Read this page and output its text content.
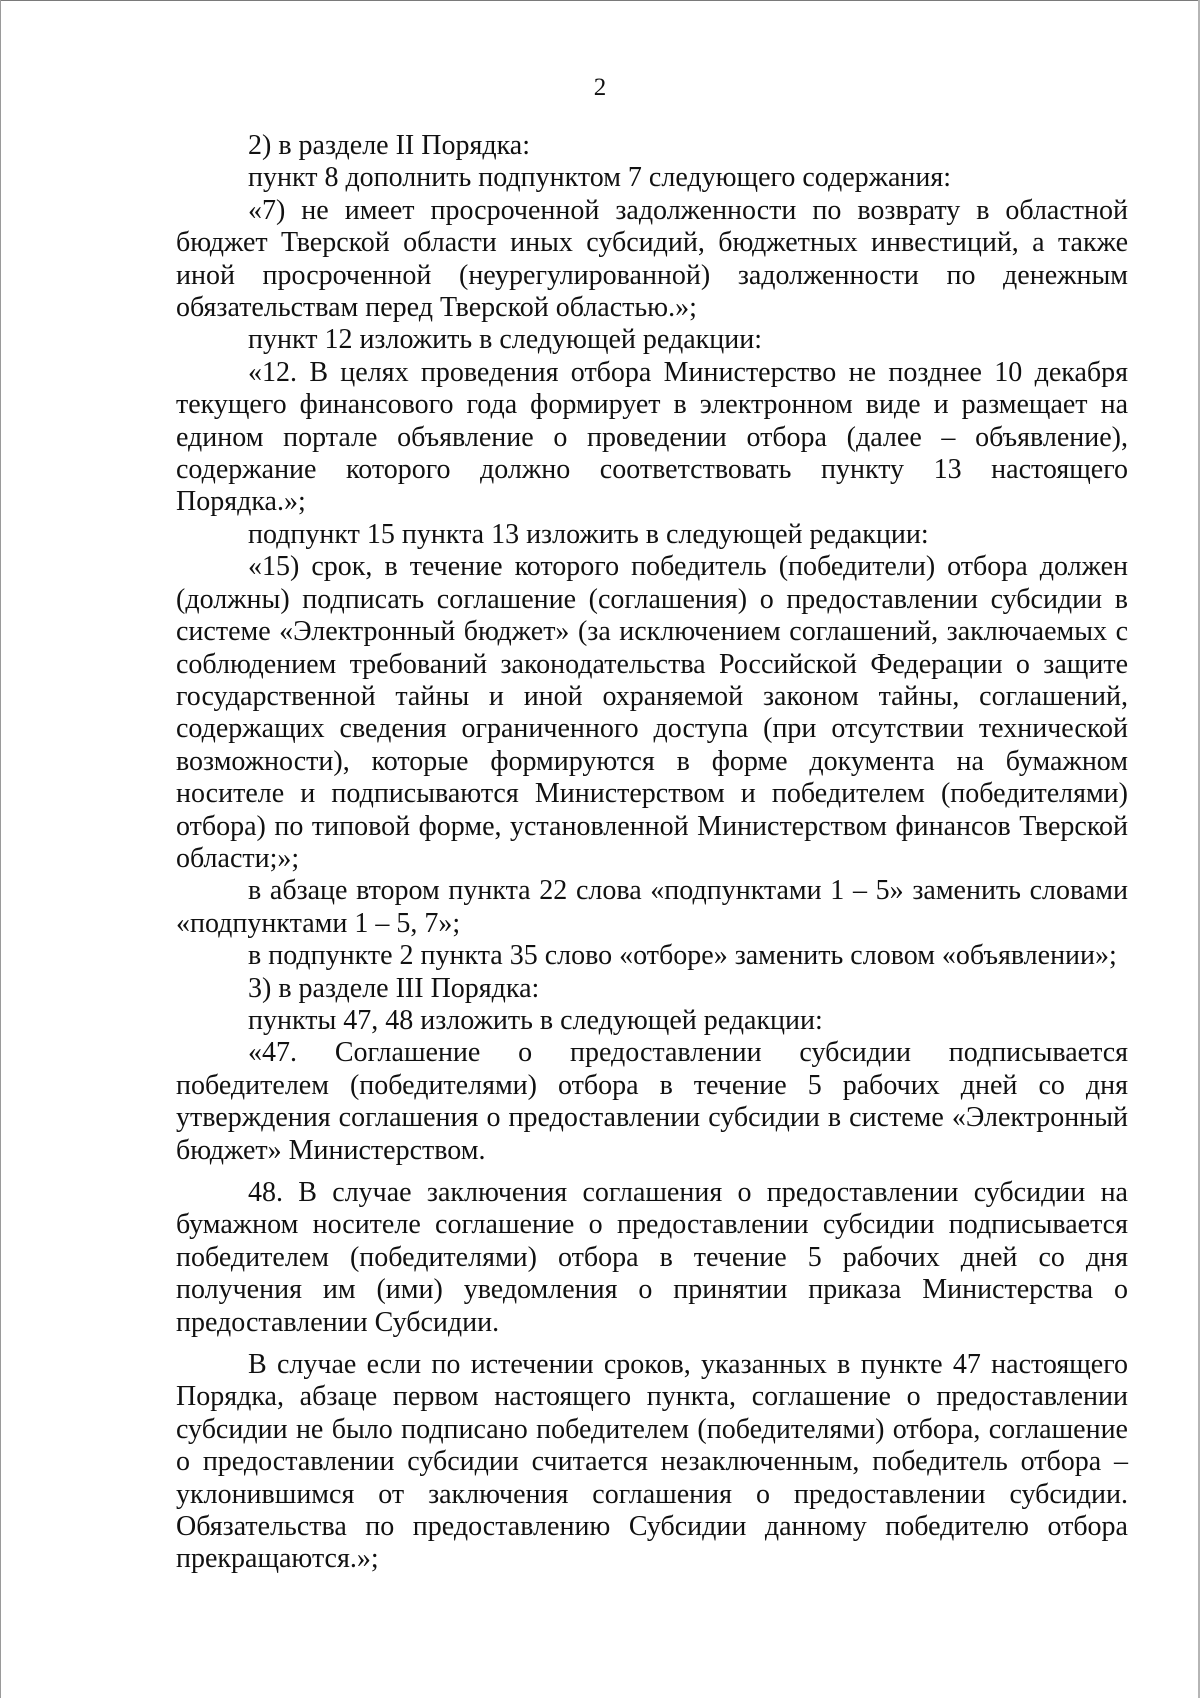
2

2) в разделе II Порядка:

пункт 8 дополнить подпунктом 7 следующего содержания:

«7) не имеет просроченной задолженности по возврату в областной бюджет Тверской области иных субсидий, бюджетных инвестиций, а также иной просроченной (неурегулированной) задолженности по денежным обязательствам перед Тверской областью.»;

пункт 12 изложить в следующей редакции:

«12. В целях проведения отбора Министерство не позднее 10 декабря текущего финансового года формирует в электронном виде и размещает на едином портале объявление о проведении отбора (далее – объявление), содержание которого должно соответствовать пункту 13 настоящего Порядка.»;

подпункт 15 пункта 13 изложить в следующей редакции:

«15) срок, в течение которого победитель (победители) отбора должен (должны) подписать соглашение (соглашения) о предоставлении субсидии в системе «Электронный бюджет» (за исключением соглашений, заключаемых с соблюдением требований законодательства Российской Федерации о защите государственной тайны и иной охраняемой законом тайны, соглашений, содержащих сведения ограниченного доступа (при отсутствии технической возможности), которые формируются в форме документа на бумажном носителе и подписываются Министерством и победителем (победителями) отбора) по типовой форме, установленной Министерством финансов Тверской области;»;

в абзаце втором пункта 22 слова «подпунктами 1 – 5» заменить словами «подпунктами 1 – 5, 7»;

в подпункте 2 пункта 35 слово «отборе» заменить словом «объявлении»;

3) в разделе III Порядка:

пункты 47, 48 изложить в следующей редакции:

«47. Соглашение о предоставлении субсидии подписывается победителем (победителями) отбора в течение 5 рабочих дней со дня утверждения соглашения о предоставлении субсидии в системе «Электронный бюджет» Министерством.

48. В случае заключения соглашения о предоставлении субсидии на бумажном носителе соглашение о предоставлении субсидии подписывается победителем (победителями) отбора в течение 5 рабочих дней со дня получения им (ими) уведомления о принятии приказа Министерства о предоставлении Субсидии.

В случае если по истечении сроков, указанных в пункте 47 настоящего Порядка, абзаце первом настоящего пункта, соглашение о предоставлении субсидии не было подписано победителем (победителями) отбора, соглашение о предоставлении субсидии считается незаключенным, победитель отбора – уклонившимся от заключения соглашения о предоставлении субсидии. Обязательства по предоставлению Субсидии данному победителю отбора прекращаются.»;
